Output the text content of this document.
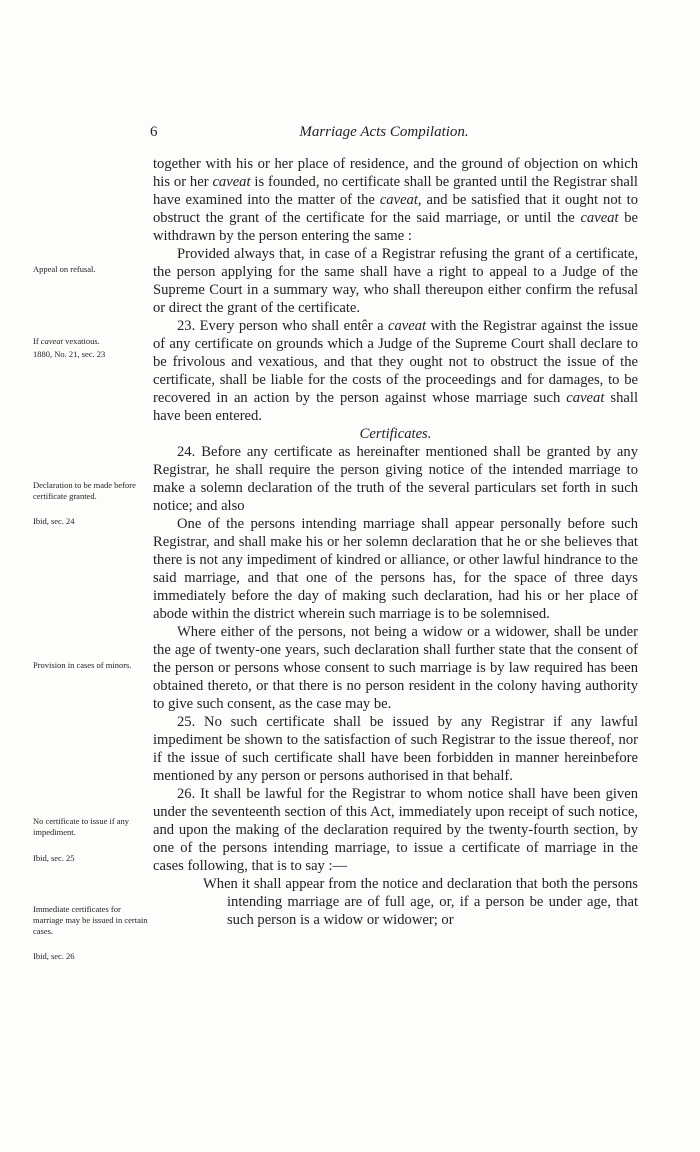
6	Marriage Acts Compilation.
Appeal on refusal.
If caveat vexatious.
1880, No. 21, sec. 23
Declaration to be made before certificate granted.
Ibid, sec. 24
Provision in cases of minors.
No certificate to issue if any impediment.
Ibid, sec. 25
Immediate certificates for marriage may be issued in certain cases.
Ibid, sec. 26

together with his or her place of residence, and the ground of objection on which his or her caveat is founded, no certificate shall be granted until the Registrar shall have examined into the matter of the caveat, and be satisfied that it ought not to obstruct the grant of the certificate for the said marriage, or until the caveat be withdrawn by the person entering the same :

Provided always that, in case of a Registrar refusing the grant of a certificate, the person applying for the same shall have a right to appeal to a Judge of the Supreme Court in a summary way, who shall thereupon either confirm the refusal or direct the grant of the certificate.

23. Every person who shall entêr a caveat with the Registrar against the issue of any certificate on grounds which a Judge of the Supreme Court shall declare to be frivolous and vexatious, and that they ought not to obstruct the issue of the certificate, shall be liable for the costs of the proceedings and for damages, to be recovered in an action by the person against whose marriage such caveat shall have been entered.

Certificates.

24. Before any certificate as hereinafter mentioned shall be granted by any Registrar, he shall require the person giving notice of the intended marriage to make a solemn declaration of the truth of the several particulars set forth in such notice; and also

One of the persons intending marriage shall appear personally before such Registrar, and shall make his or her solemn declaration that he or she believes that there is not any impediment of kindred or alliance, or other lawful hindrance to the said marriage, and that one of the persons has, for the space of three days immediately before the day of making such declaration, had his or her place of abode within the district wherein such marriage is to be solemnised.

Where either of the persons, not being a widow or a widower, shall be under the age of twenty-one years, such declaration shall further state that the consent of the person or persons whose consent to such marriage is by law required has been obtained thereto, or that there is no person resident in the colony having authority to give such consent, as the case may be.

25. No such certificate shall be issued by any Registrar if any lawful impediment be shown to the satisfaction of such Registrar to the issue thereof, nor if the issue of such certificate shall have been forbidden in manner hereinbefore mentioned by any person or persons authorised in that behalf.

26. It shall be lawful for the Registrar to whom notice shall have been given under the seventeenth section of this Act, immediately upon receipt of such notice, and upon the making of the declaration required by the twenty-fourth section, by one of the persons intending marriage, to issue a certificate of marriage in the cases following, that is to say :—

When it shall appear from the notice and declaration that both the persons intending marriage are of full age, or, if a person be under age, that such person is a widow or widower; or
